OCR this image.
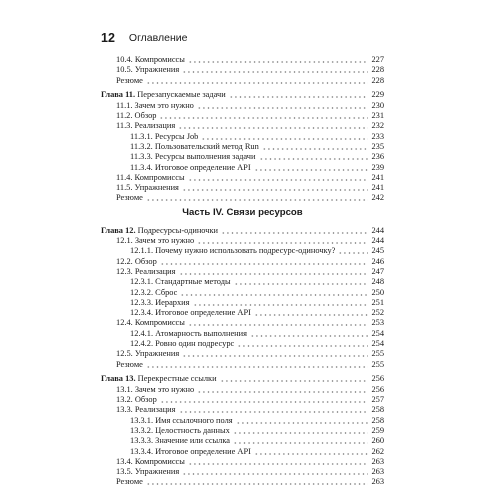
12 Оглавление
Часть IV. Связи ресурсов
10.4. Компромиссы	227
10.5. Упражнения	228
Резюме	228
Глава 11. Перезапускаемые задачи	229
11.1. Зачем это нужно	230
11.2. Обзор	231
11.3. Реализация	232
11.3.1. Ресурсы Job	233
11.3.2. Пользовательский метод Run	235
11.3.3. Ресурсы выполнения задачи	236
11.3.4. Итоговое определение API	239
11.4. Компромиссы	241
11.5. Упражнения	241
Резюме	242
Глава 12. Подресурсы-одиночки	244
12.1. Зачем это нужно	244
12.1.1. Почему нужно использовать подресурс-одиночку?	245
12.2. Обзор	246
12.3. Реализация	247
12.3.1. Стандартные методы	248
12.3.2. Сброс	250
12.3.3. Иерархия	251
12.3.4. Итоговое определение API	252
12.4. Компромиссы	253
12.4.1. Атомарность выполнения	254
12.4.2. Ровно один подресурс	254
12.5. Упражнения	255
Резюме	255
Глава 13. Перекрестные ссылки	256
13.1. Зачем это нужно	256
13.2. Обзор	257
13.3. Реализация	258
13.3.1. Имя ссылочного поля	258
13.3.2. Целостность данных	259
13.3.3. Значение или ссылка	260
13.3.4. Итоговое определение API	262
13.4. Компромиссы	263
13.5. Упражнения	263
Резюме	263
